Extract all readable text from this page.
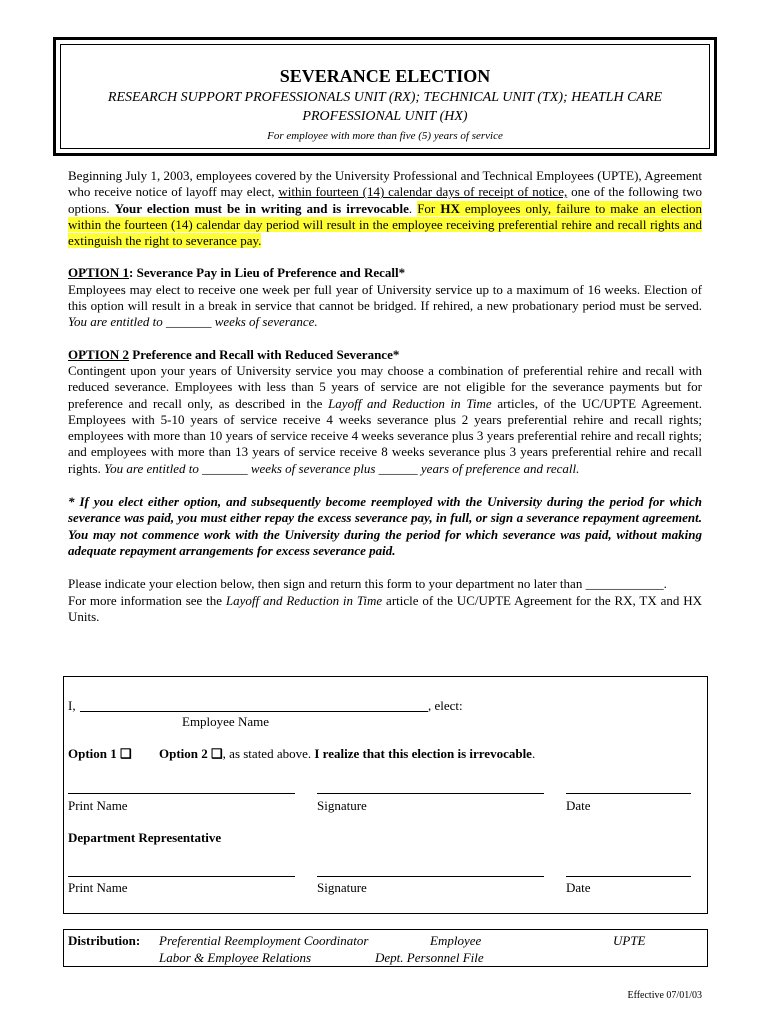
SEVERANCE ELECTION
RESEARCH SUPPORT PROFESSIONALS UNIT (RX); TECHNICAL UNIT (TX); HEATLH CARE
PROFESSIONAL UNIT (HX)
For employee with more than five (5) years of service

Beginning July 1, 2003, employees covered by the University Professional and Technical Employees (UPTE), Agreement who receive notice of layoff may elect, within fourteen (14) calendar days of receipt of notice, one of the following two options. Your election must be in writing and is irrevocable. For HX employees only, failure to make an election within the fourteen (14) calendar day period will result in the employee receiving preferential rehire and recall rights and extinguish the right to severance pay.

OPTION 1: Severance Pay in Lieu of Preference and Recall*
Employees may elect to receive one week per full year of University service up to a maximum of 16 weeks. Election of this option will result in a break in service that cannot be bridged. If rehired, a new probationary period must be served. You are entitled to _______ weeks of severance.

OPTION 2 Preference and Recall with Reduced Severance*
Contingent upon your years of University service you may choose a combination of preferential rehire and recall with reduced severance. Employees with less than 5 years of service are not eligible for the severance payments but for preference and recall only, as described in the Layoff and Reduction in Time articles, of the UC/UPTE Agreement. Employees with 5-10 years of service receive 4 weeks severance plus 2 years preferential rehire and recall rights; employees with more than 10 years of service receive 4 weeks severance plus 3 years preferential rehire and recall rights; and employees with more than 13 years of service receive 8 weeks severance plus 3 years preferential rehire and recall rights. You are entitled to _______ weeks of severance plus ______ years of preference and recall.

* If you elect either option, and subsequently become reemployed with the University during the period for which severance was paid, you must either repay the excess severance pay, in full, or sign a severance repayment agreement. You may not commence work with the University during the period for which severance was paid, without making adequate repayment arrangements for excess severance paid.

Please indicate your election below, then sign and return this form to your department no later than ____________.
For more information see the Layoff and Reduction in Time article of the UC/UPTE Agreement for the RX, TX and HX Units.

I,	, elect:
Employee Name
Option 1 ❑ Option 2 ❑, as stated above. I realize that this election is irrevocable.
Print Name	Signature	Date
Department Representative
Print Name	Signature	Date
Distribution: Preferential Reemployment Coordinator	Employee	UPTE
Labor & Employee Relations	Dept. Personnel File
Effective 07/01/03
